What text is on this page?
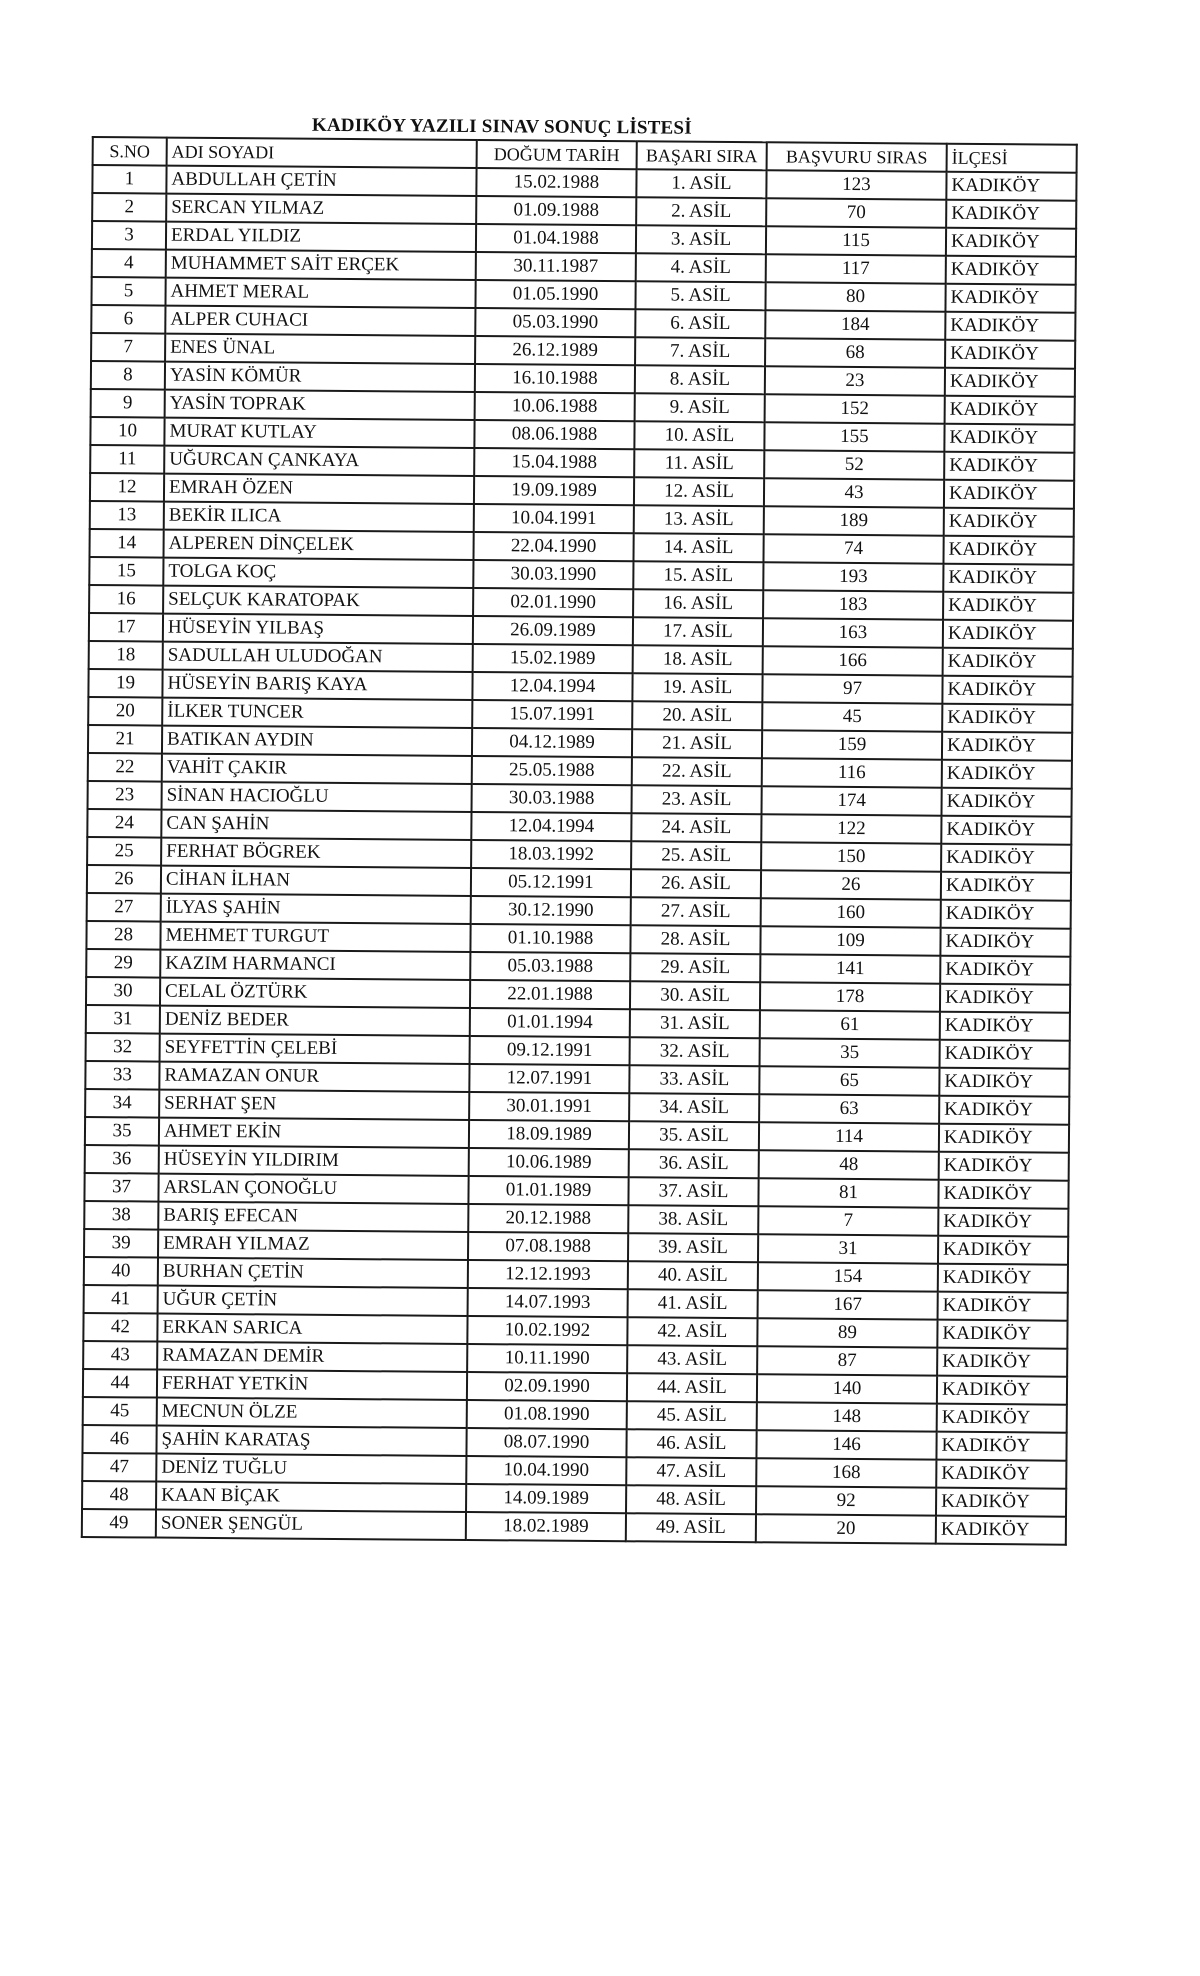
KADIKÖY YAZILI SINAV SONUÇ LİSTESİ
S.NO	ADI SOYADI	DOĞUM TARİH	BAŞARI SIRA	BAŞVURU SIRAS	İLÇESİ
1	ABDULLAH ÇETİN	15.02.1988	1. ASİL	123	KADIKÖY
2	SERCAN YILMAZ	01.09.1988	2. ASİL	70	KADIKÖY
3	ERDAL YILDIZ	01.04.1988	3. ASİL	115	KADIKÖY
4	MUHAMMET SAİT ERÇEK	30.11.1987	4. ASİL	117	KADIKÖY
5	AHMET MERAL	01.05.1990	5. ASİL	80	KADIKÖY
6	ALPER CUHACI	05.03.1990	6. ASİL	184	KADIKÖY
7	ENES ÜNAL	26.12.1989	7. ASİL	68	KADIKÖY
8	YASİN KÖMÜR	16.10.1988	8. ASİL	23	KADIKÖY
9	YASİN TOPRAK	10.06.1988	9. ASİL	152	KADIKÖY
10	MURAT KUTLAY	08.06.1988	10. ASİL	155	KADIKÖY
11	UĞURCAN ÇANKAYA	15.04.1988	11. ASİL	52	KADIKÖY
12	EMRAH ÖZEN	19.09.1989	12. ASİL	43	KADIKÖY
13	BEKİR ILICA	10.04.1991	13. ASİL	189	KADIKÖY
14	ALPEREN DİNÇELEK	22.04.1990	14. ASİL	74	KADIKÖY
15	TOLGA KOÇ	30.03.1990	15. ASİL	193	KADIKÖY
16	SELÇUK KARATOPAK	02.01.1990	16. ASİL	183	KADIKÖY
17	HÜSEYİN YILBAŞ	26.09.1989	17. ASİL	163	KADIKÖY
18	SADULLAH ULUDOĞAN	15.02.1989	18. ASİL	166	KADIKÖY
19	HÜSEYİN BARIŞ KAYA	12.04.1994	19. ASİL	97	KADIKÖY
20	İLKER TUNCER	15.07.1991	20. ASİL	45	KADIKÖY
21	BATIKAN AYDIN	04.12.1989	21. ASİL	159	KADIKÖY
22	VAHİT ÇAKIR	25.05.1988	22. ASİL	116	KADIKÖY
23	SİNAN HACIOĞLU	30.03.1988	23. ASİL	174	KADIKÖY
24	CAN ŞAHİN	12.04.1994	24. ASİL	122	KADIKÖY
25	FERHAT BÖGREK	18.03.1992	25. ASİL	150	KADIKÖY
26	CİHAN İLHAN	05.12.1991	26. ASİL	26	KADIKÖY
27	İLYAS ŞAHİN	30.12.1990	27. ASİL	160	KADIKÖY
28	MEHMET TURGUT	01.10.1988	28. ASİL	109	KADIKÖY
29	KAZIM HARMANCI	05.03.1988	29. ASİL	141	KADIKÖY
30	CELAL ÖZTÜRK	22.01.1988	30. ASİL	178	KADIKÖY
31	DENİZ BEDER	01.01.1994	31. ASİL	61	KADIKÖY
32	SEYFETTİN ÇELEBİ	09.12.1991	32. ASİL	35	KADIKÖY
33	RAMAZAN ONUR	12.07.1991	33. ASİL	65	KADIKÖY
34	SERHAT ŞEN	30.01.1991	34. ASİL	63	KADIKÖY
35	AHMET EKİN	18.09.1989	35. ASİL	114	KADIKÖY
36	HÜSEYİN YILDIRIM	10.06.1989	36. ASİL	48	KADIKÖY
37	ARSLAN ÇONOĞLU	01.01.1989	37. ASİL	81	KADIKÖY
38	BARIŞ EFECAN	20.12.1988	38. ASİL	7	KADIKÖY
39	EMRAH YILMAZ	07.08.1988	39. ASİL	31	KADIKÖY
40	BURHAN ÇETİN	12.12.1993	40. ASİL	154	KADIKÖY
41	UĞUR ÇETİN	14.07.1993	41. ASİL	167	KADIKÖY
42	ERKAN SARICA	10.02.1992	42. ASİL	89	KADIKÖY
43	RAMAZAN DEMİR	10.11.1990	43. ASİL	87	KADIKÖY
44	FERHAT YETKİN	02.09.1990	44. ASİL	140	KADIKÖY
45	MECNUN ÖLZE	01.08.1990	45. ASİL	148	KADIKÖY
46	ŞAHİN KARATAŞ	08.07.1990	46. ASİL	146	KADIKÖY
47	DENİZ TUĞLU	10.04.1990	47. ASİL	168	KADIKÖY
48	KAAN BİÇAK	14.09.1989	48. ASİL	92	KADIKÖY
49	SONER ŞENGÜL	18.02.1989	49. ASİL	20	KADIKÖY
